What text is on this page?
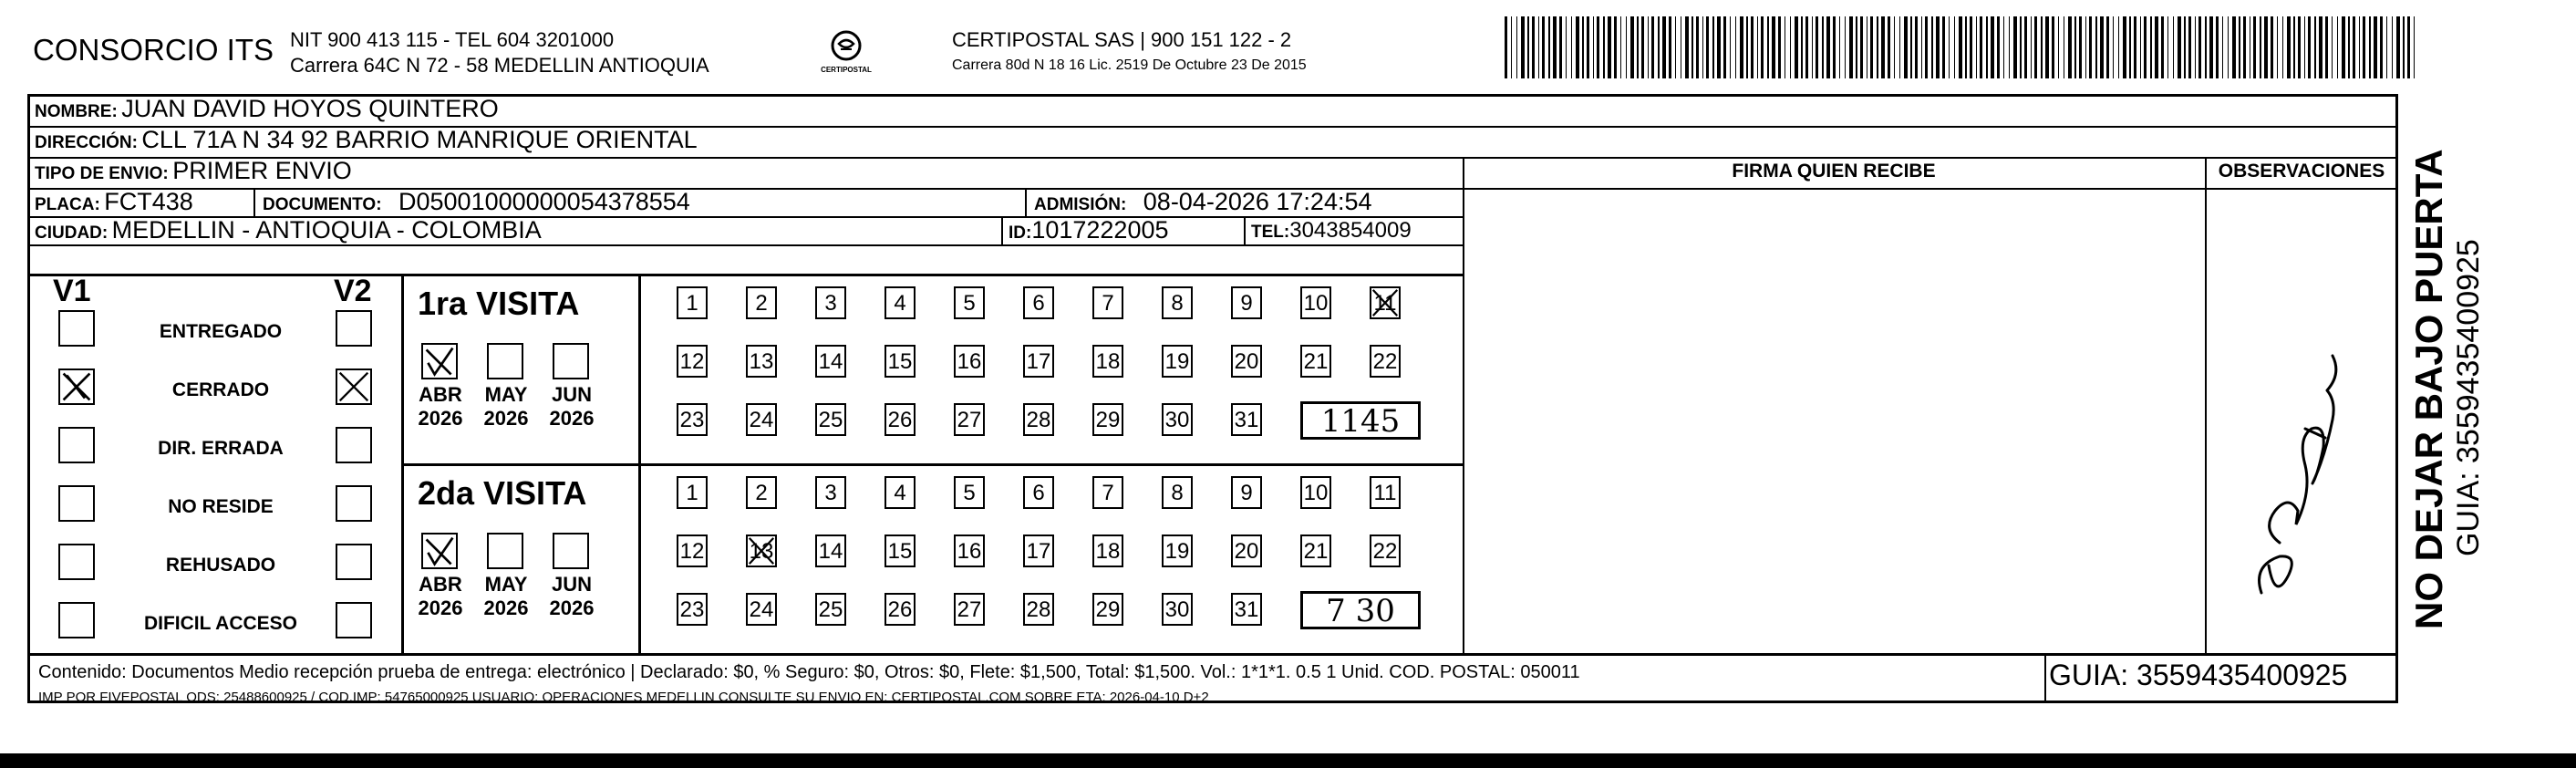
CONSORCIO ITS NIT 900 413 115 - TEL 604 3201000
Carrera 64C N 72 - 58 MEDELLIN ANTIOQUIA	CERTIPOSTAL
CERTIPOSTAL SAS | 900 151 122 - 2
Carrera 80d N 18 16 Lic. 2519 De Octubre 23 De 2015
NOMBRE: JUAN DAVID HOYOS QUINTERO
DIRECCIÓN: CLL 71A N 34 92 BARRIO MANRIQUE ORIENTAL
TIPO DE ENVIO: PRIMER ENVIO	FIRMA QUIEN RECIBE	OBSERVACIONES
PLACA: FCT438	DOCUMENTO: D05001000000054378554	ADMISIÓN: 08-04-2026 17:24:54
CIUDAD: MEDELLIN - ANTIOQUIA - COLOMBIA	ID:1017222005	TEL:3043854009
V1	V2
ENTREGADO
CERRADO
DIR. ERRADA
NO RESIDE
REHUSADO
DIFICIL ACCESO
1ra VISITA
ABR
2026
MAY
2026
JUN
2026
1	2	3	4	5	6	7	8	9	10 11
12 13 14 15 16 17 18 19 20 21 22
23 24 25 26 27 28 29 30 31	1145
2da VISITA
ABR
2026
MAY
2026
JUN
2026
1	2	3	4	5	6	7	8	9	10 11
12 13 14 15 16 17 18 19 20 21 22
23 24 25 26 27 28 29 30 31	7 30
Contenido: Documentos Medio recepción prueba de entrega: electrónico | Declarado: $0, % Seguro: $0, Otros: $0, Flete: $1,500, Total: $1,500. Vol.: 1*1*1. 0.5 1 Unid. COD. POSTAL: 050011
IMP POR FIVEPOSTAL ODS: 25488600925 / COD.IMP: 54765000925 USUARIO: OPERACIONES MEDELLIN CONSULTE SU ENVIO EN: CERTIPOSTAL.COM SOBRE ETA: 2026-04-10 D+2
GUIA: 3559435400925
NO DEJAR BAJO PUERTA GUIA: 3559435400925
